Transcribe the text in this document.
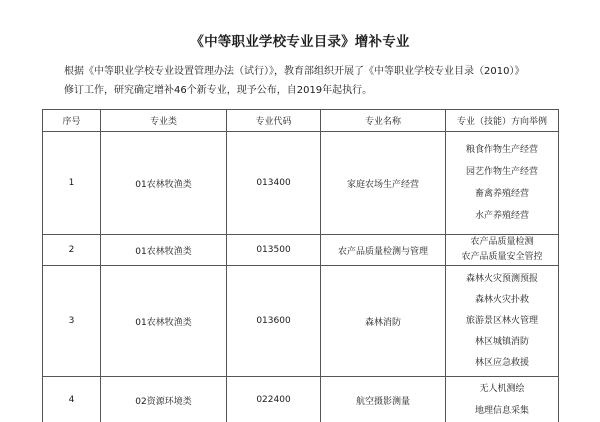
《中等职业学校专业目录》增补专业

根据《中等职业学校专业设置管理办法（试行）》，教育部组织开展了《中等职业学校专业目录（2010）》

修订工作，研究确定增补46个新专业，现予公布，自2019年起执行。

序号	专业类	专业代码	专业名称	专业（技能）方向举例
1	01农林牧渔类	013400	家庭农场生产经营	粮食作物生产经营
园艺作物生产经营
畜禽养殖经营
水产养殖经营

2	01农林牧渔类	013500	农产品质量检测与管理	农产品质量检测
农产品质量安全管控

3	01农林牧渔类	013600	森林消防	森林火灾预测预报
森林火灾扑救
旅游景区林火管理
林区城镇消防
林区应急救援

4	02资源环境类	022400	航空摄影测量	无人机测绘
地理信息采集
